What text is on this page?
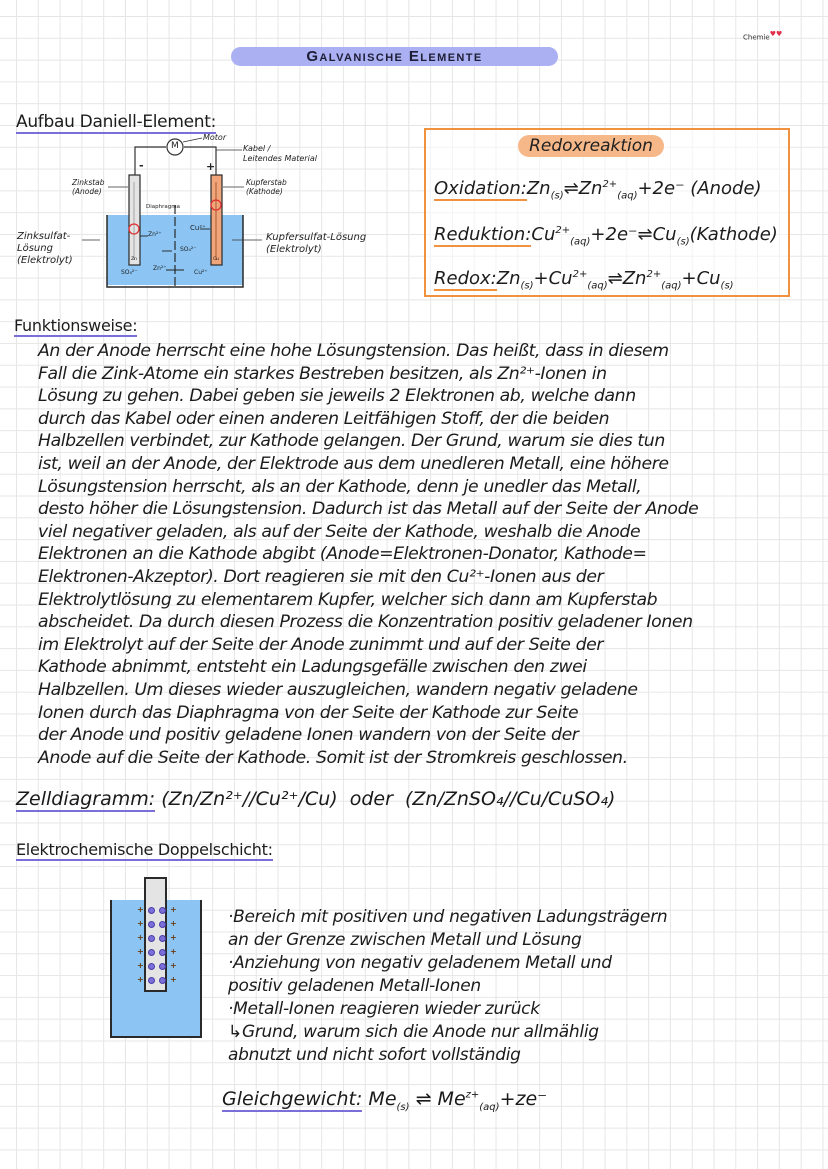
Chemie♥♥
Galvanische Elemente
Aufbau Daniell-Element:
M
Motor
Kabel /
Leitendes Material
-	+
Zinkstab
(Anode)
Kupferstab
(Kathode)
Diaphragma
Zinksulfat-
Lösung
(Elektrolyt)
Kupfersulfat-Lösung
(Elektrolyt)
Zn²⁺
SO₄²⁻
Zn²⁺
SO₄²⁻
Cu²⁺
Cu²⁺
Zn	Cu
Redoxreaktion
$Oxidation:Zn_{(s)}\rightleftharpoons Zn^{2+}_{(aq)}+2e^-$ (Anode)
$Reduktion:Cu^{2+}_{(aq)}+2e^-\rightleftharpoons Cu_{(s)}(Kathode)$
$Redox:Zn_{(s)}+Cu^{2+}_{(aq)}\rightleftharpoons Zn^{2+}_{(aq)}+Cu_{(s)}$
Funktionsweise:
An der Anode herrscht eine hohe Lösungstension. Das heißt, dass in diesem
Fall die Zink-Atome ein starkes Bestreben besitzen, als Zn²⁺-Ionen in
Lösung zu gehen. Dabei geben sie jeweils 2 Elektronen ab, welche dann
durch das Kabel oder einen anderen Leitfähigen Stoff, der die beiden
Halbzellen verbindet, zur Kathode gelangen. Der Grund, warum sie dies tun
ist, weil an der Anode, der Elektrode aus dem unedleren Metall, eine höhere
Lösungstension herrscht, als an der Kathode, denn je unedler das Metall,
desto höher die Lösungstension. Dadurch ist das Metall auf der Seite der Anode
viel negativer geladen, als auf der Seite der Kathode, weshalb die Anode
Elektronen an die Kathode abgibt (Anode=Elektronen-Donator, Kathode=
Elektronen-Akzeptor). Dort reagieren sie mit den Cu²⁺-Ionen aus der
Elektrolytlösung zu elementarem Kupfer, welcher sich dann am Kupferstab
abscheidet. Da durch diesen Prozess die Konzentration positiv geladener Ionen
im Elektrolyt auf der Seite der Anode zunimmt und auf der Seite der
Kathode abnimmt, entsteht ein Ladungsgefälle zwischen den zwei
Halbzellen. Um dieses wieder auszugleichen, wandern negativ geladene
Ionen durch das Diaphragma von der Seite der Kathode zur Seite
der Anode und positiv geladene Ionen wandern von der Seite der
Anode auf die Seite der Kathode. Somit ist der Stromkreis geschlossen.
Zelldiagramm: (Zn/Zn²⁺//Cu²⁺/Cu) oder (Zn/ZnSO₄//Cu/CuSO₄)
Elektrochemische Doppelschicht:
+	+
+	+
+	+
+	+
+	+
+	+
·Bereich mit positiven und negativen Ladungsträgern
an der Grenze zwischen Metall und Lösung
·Anziehung von negativ geladenem Metall und
positiv geladenen Metall-Ionen
·Metall-Ionen reagieren wieder zurück
↳Grund, warum sich die Anode nur allmählig
abnutzt und nicht sofort vollständig
Gleichgewicht: $Me_{(s)}$ ⇌ $Me^{z+}_{(aq)}+ze^-$
